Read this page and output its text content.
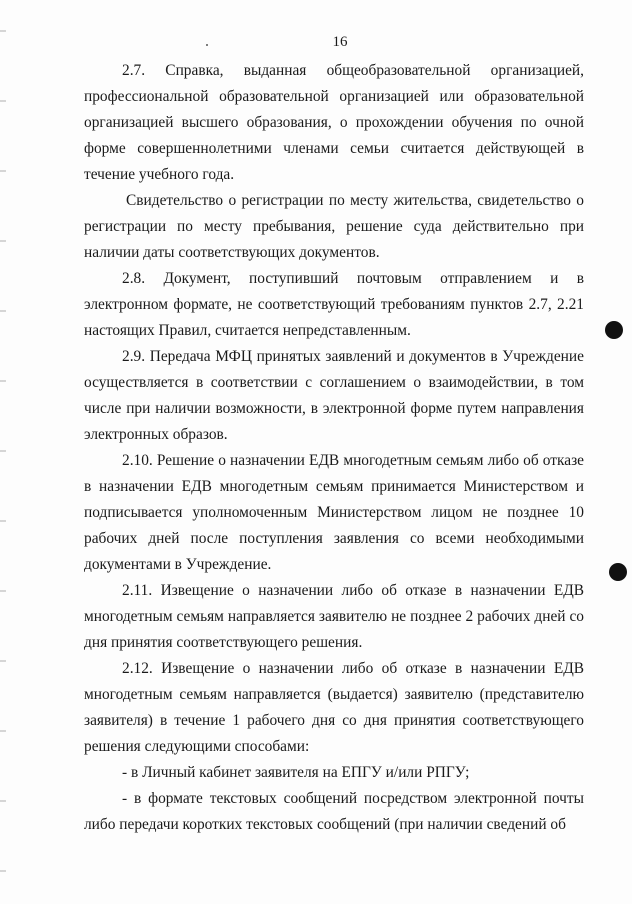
16

2.7. Справка, выданная общеобразовательной организацией, профессиональной образовательной организацией или образовательной организацией высшего образования, о прохождении обучения по очной форме совершеннолетними членами семьи считается действующей в течение учебного года.

Свидетельство о регистрации по месту жительства, свидетельство о регистрации по месту пребывания, решение суда действительно при наличии даты соответствующих документов.

2.8. Документ, поступивший почтовым отправлением и в электронном формате, не соответствующий требованиям пунктов 2.7, 2.21 настоящих Правил, считается непредставленным.

2.9. Передача МФЦ принятых заявлений и документов в Учреждение осуществляется в соответствии с соглашением о взаимодействии, в том числе при наличии возможности, в электронной форме путем направления электронных образов.

2.10. Решение о назначении ЕДВ многодетным семьям либо об отказе в назначении ЕДВ многодетным семьям принимается Министерством и подписывается уполномоченным Министерством лицом не позднее 10 рабочих дней после поступления заявления со всеми необходимыми документами в Учреждение.

2.11. Извещение о назначении либо об отказе в назначении ЕДВ многодетным семьям направляется заявителю не позднее 2 рабочих дней со дня принятия соответствующего решения.

2.12. Извещение о назначении либо об отказе в назначении ЕДВ многодетным семьям направляется (выдается) заявителю (представителю заявителя) в течение 1 рабочего дня со дня принятия соответствующего решения следующими способами:

- в Личный кабинет заявителя на ЕПГУ и/или РПГУ;

- в формате текстовых сообщений посредством электронной почты либо передачи коротких текстовых сообщений (при наличии сведений об
